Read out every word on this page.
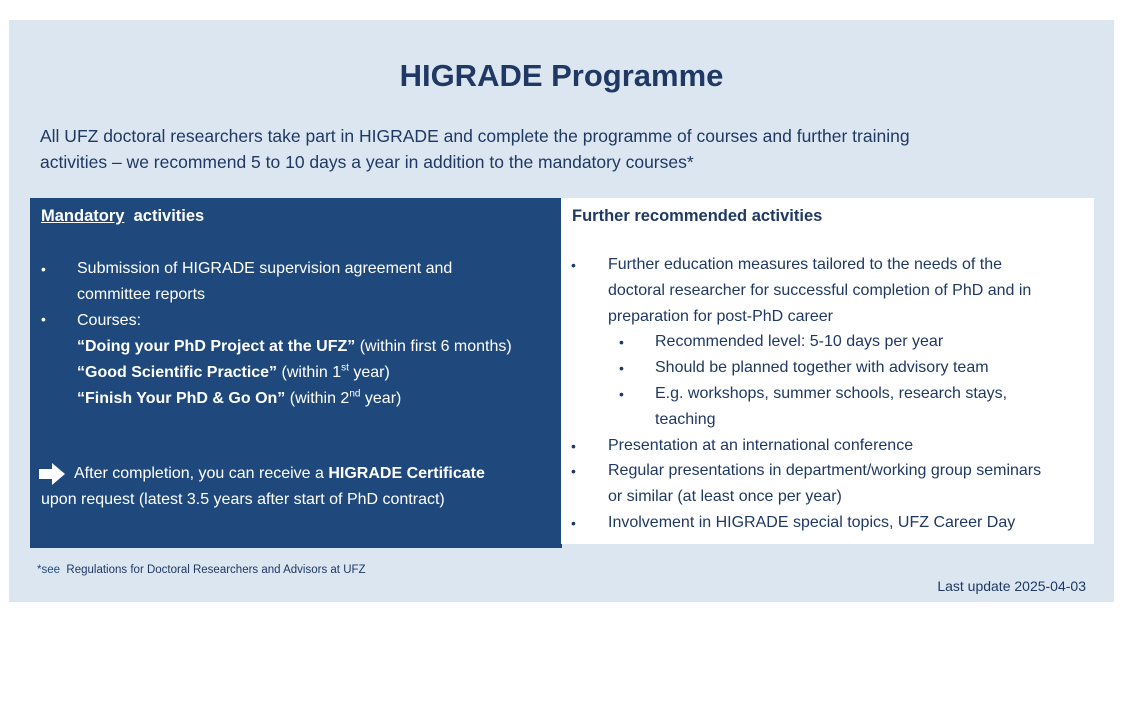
HIGRADE Programme
All UFZ doctoral researchers take part in HIGRADE and complete the programme of courses and further training
activities – we recommend 5 to 10 days a year in addition to the mandatory courses*
Mandatory activities
• Submission of HIGRADE supervision agreement and
committee reports
• Courses:
“Doing your PhD Project at the UFZ” (within first 6 months)
“Good Scientific Practice” (within 1st year)
“Finish Your PhD & Go On” (within 2nd year)
After completion, you can receive a HIGRADE Certificate
upon request (latest 3.5 years after start of PhD contract)
Further recommended activities
• Further education measures tailored to the needs of the
doctoral researcher for successful completion of PhD and in
preparation for post-PhD career
• Recommended level: 5-10 days per year
• Should be planned together with advisory team
• E.g. workshops, summer schools, research stays,
teaching
• Presentation at an international conference
• Regular presentations in department/working group seminars
or similar (at least once per year)
• Involvement in HIGRADE special topics, UFZ Career Day
*see Regulations for Doctoral Researchers and Advisors at UFZ
Last update 2025-04-03
